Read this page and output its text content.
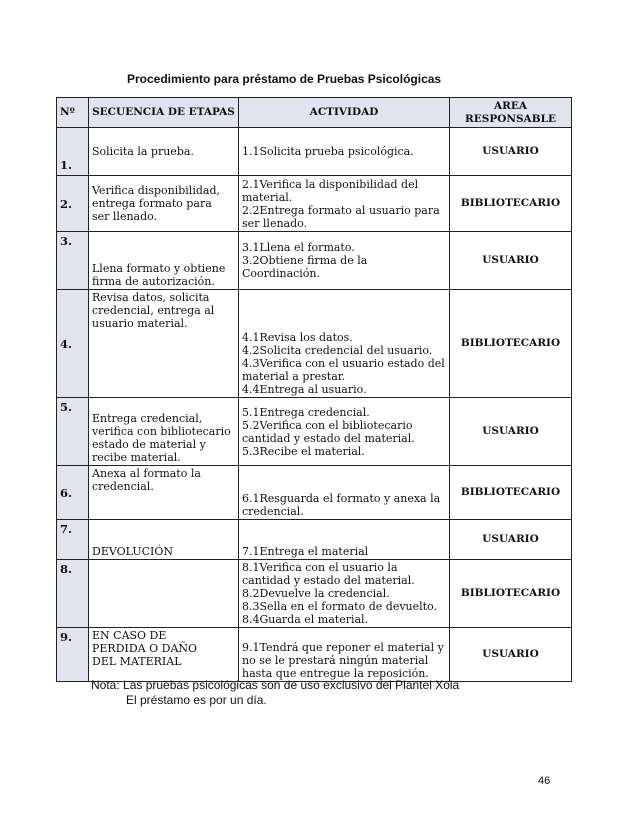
Procedimiento para préstamo de Pruebas Psicológicas
Nº	SECUENCIA DE ETAPAS	ACTIVIDAD	AREA RESPONSABLE
1.	Solicita la prueba.	1.1Solicita prueba psicológica.	USUARIO
2.	Verifica disponibilidad,
entrega formato para
ser llenado.	2.1Verifica la disponibilidad del
material.
2.2Entrega formato al usuario para
ser llenado.	BIBLIOTECARIO
3.	Llena formato y obtiene
firma de autorización.	3.1Llena el formato.
3.2Obtiene firma de la
Coordinación.	USUARIO
4.	Revisa datos, solicita
credencial, entrega al
usuario material.	4.1Revisa los datos.
4.2Solicita credencial del usuario.
4.3Verifica con el usuario estado del
material a prestar.
4.4Entrega al usuario.	BIBLIOTECARIO
5.	Entrega credencial,
verifica con bibliotecario
estado de material y
recibe material.	5.1Entrega credencial.
5.2Verifica con el bibliotecario
cantidad y estado del material.
5.3Recibe el material.	USUARIO
6.	Anexa al formato la
credencial.	6.1Resguarda el formato y anexa la
credencial.	BIBLIOTECARIO
7.	DEVOLUCIÓN	7.1Entrega el material	USUARIO
8.		8.1Verifica con el usuario la
cantidad y estado del material.
8.2Devuelve la credencial.
8.3Sella en el formato de devuelto.
8.4Guarda el material.	BIBLIOTECARIO
9.	EN CASO DE
PERDIDA O DAÑO
DEL MATERIAL	9.1Tendrá que reponer el material y
no se le prestará ningún material
hasta que entregue la reposición.	USUARIO
Nota: Las pruebas psicológicas son de uso exclusivo del Plantel Xola
El préstamo es por un día.
46
